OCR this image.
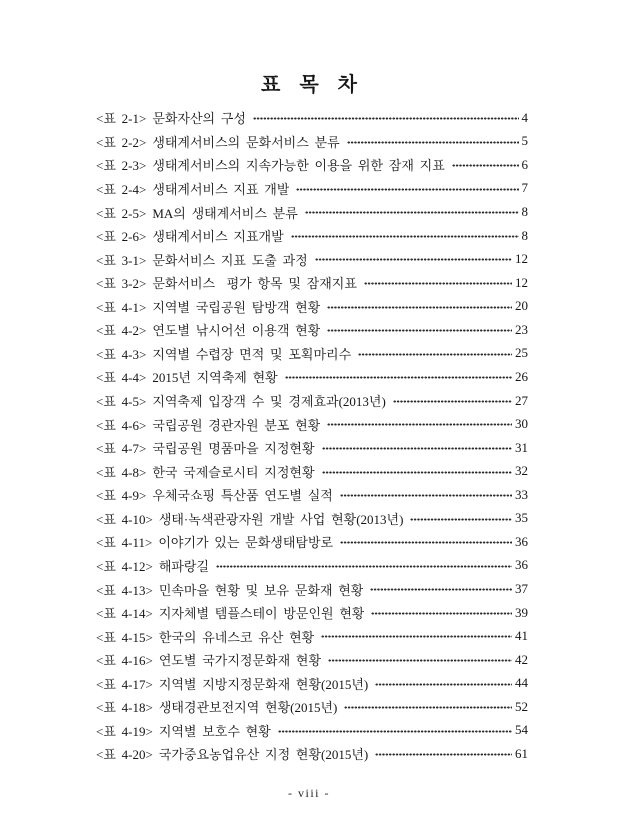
표 목 차
<표 2-1> 문화자산의 구성	4
<표 2-2> 생태계서비스의 문화서비스 분류	5
<표 2-3> 생태계서비스의 지속가능한 이용을 위한 잠재 지표	6
<표 2-4> 생태계서비스 지표 개발	7
<표 2-5> MA의 생태계서비스 분류	8
<표 2-6> 생태계서비스 지표개발	8
<표 3-1> 문화서비스 지표 도출 과정	12
<표 3-2> 문화서비스  평가 항목 및 잠재지표	12
<표 4-1> 지역별 국립공원 탐방객 현황	20
<표 4-2> 연도별 낚시어선 이용객 현황	23
<표 4-3> 지역별 수렵장 면적 및 포획마리수	25
<표 4-4> 2015년 지역축제 현황	26
<표 4-5> 지역축제 입장객 수 및 경제효과(2013년)	27
<표 4-6> 국립공원 경관자원 분포 현황	30
<표 4-7> 국립공원 명품마을 지정현황	31
<표 4-8> 한국 국제슬로시티 지정현황	32
<표 4-9> 우체국쇼핑 특산품 연도별 실적	33
<표 4-10> 생태·녹색관광자원 개발 사업 현황(2013년)	35
<표 4-11> 이야기가 있는 문화생태탐방로	36
<표 4-12> 해파랑길	36
<표 4-13> 민속마을 현황 및 보유 문화재 현황	37
<표 4-14> 지자체별 템플스테이 방문인원 현황	39
<표 4-15> 한국의 유네스코 유산 현황	41
<표 4-16> 연도별 국가지정문화재 현황	42
<표 4-17> 지역별 지방지정문화재 현황(2015년)	44
<표 4-18> 생태경관보전지역 현황(2015년)	52
<표 4-19> 지역별 보호수 현황	54
<표 4-20> 국가중요농업유산 지정 현황(2015년)	61
- viii -
